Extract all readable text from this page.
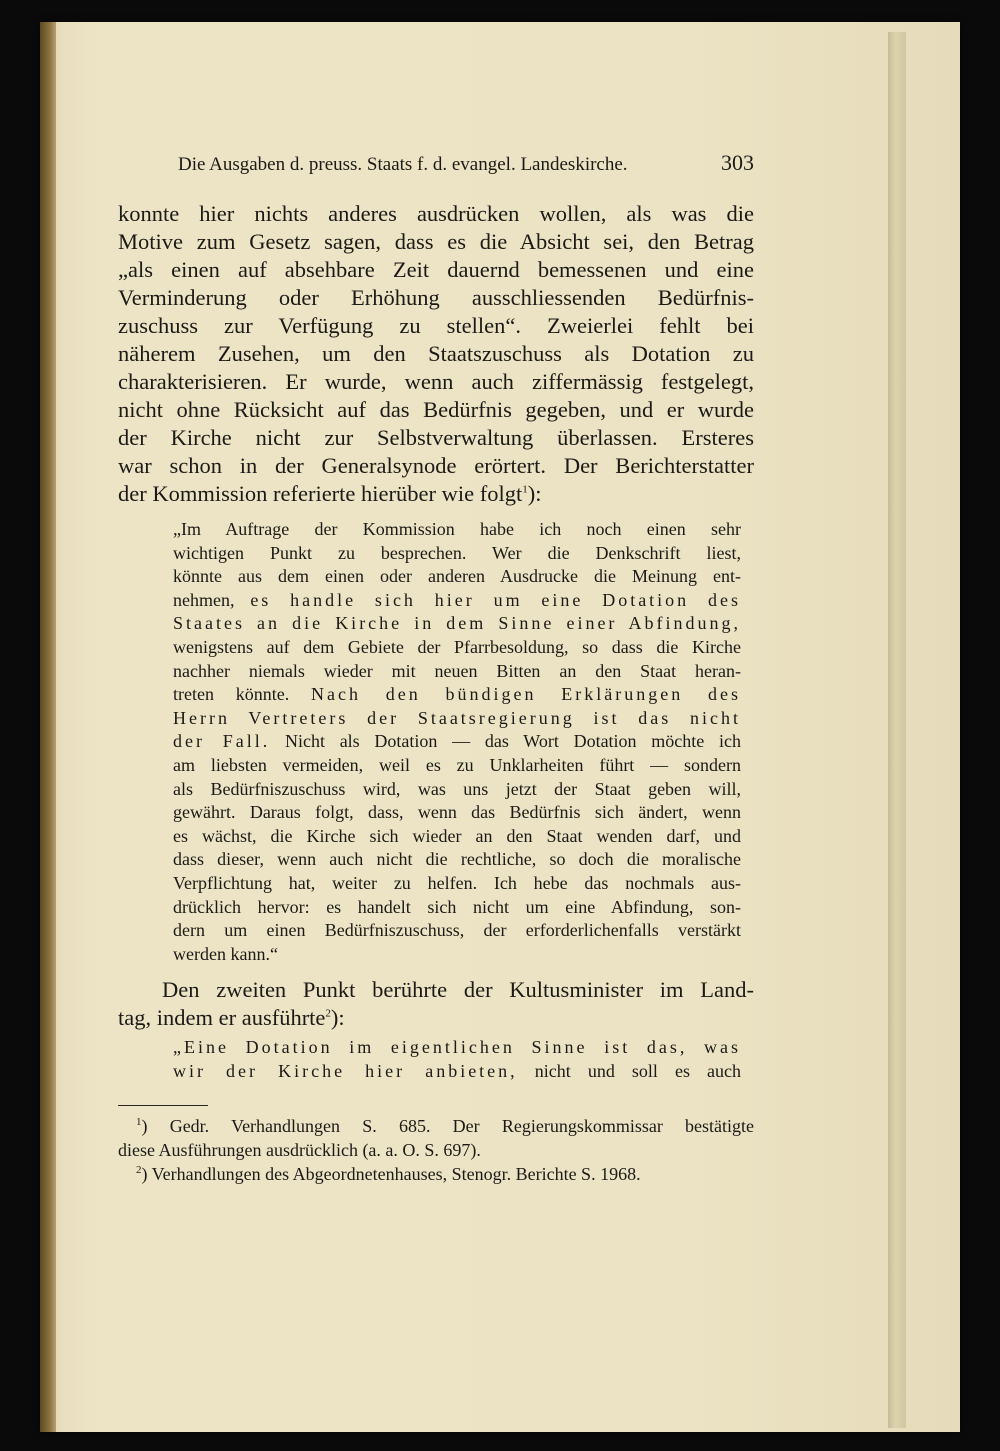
Die Ausgaben d. preuss. Staats f. d. evangel. Landeskirche.	303
konnte hier nichts anderes ausdrücken wollen, als was die
Motive zum Gesetz sagen, dass es die Absicht sei, den Betrag
„als einen auf absehbare Zeit dauernd bemessenen und eine
Verminderung oder Erhöhung ausschliessenden Bedürfnis-
zuschuss zur Verfügung zu stellen“. Zweierlei fehlt bei
näherem Zusehen, um den Staatszuschuss als Dotation zu
charakterisieren. Er wurde, wenn auch ziffermässig festgelegt,
nicht ohne Rücksicht auf das Bedürfnis gegeben, und er wurde
der Kirche nicht zur Selbstverwaltung überlassen. Ersteres
war schon in der Generalsynode erörtert. Der Berichterstatter
der Kommission referierte hierüber wie folgt$^1$):
„Im Auftrage der Kommission habe ich noch einen sehr
wichtigen Punkt zu besprechen. Wer die Denkschrift liest,
könnte aus dem einen oder anderen Ausdrucke die Meinung ent-
nehmen, es handle sich hier um eine Dotation des
Staates an die Kirche in dem Sinne einer Abfindung,
wenigstens auf dem Gebiete der Pfarrbesoldung, so dass die Kirche
nachher niemals wieder mit neuen Bitten an den Staat heran-
treten könnte. Nach den bündigen Erklärungen des
Herrn Vertreters der Staatsregierung ist das nicht
der Fall. Nicht als Dotation — das Wort Dotation möchte ich
am liebsten vermeiden, weil es zu Unklarheiten führt — sondern
als Bedürfniszuschuss wird, was uns jetzt der Staat geben will,
gewährt. Daraus folgt, dass, wenn das Bedürfnis sich ändert, wenn
es wächst, die Kirche sich wieder an den Staat wenden darf, und
dass dieser, wenn auch nicht die rechtliche, so doch die moralische
Verpflichtung hat, weiter zu helfen. Ich hebe das nochmals aus-
drücklich hervor: es handelt sich nicht um eine Abfindung, son-
dern um einen Bedürfniszuschuss, der erforderlichenfalls verstärkt
werden kann.“
Den zweiten Punkt berührte der Kultusminister im Land-
tag, indem er ausführte$^2$):
„Eine Dotation im eigentlichen Sinne ist das, was
wir der Kirche hier anbieten, nicht und soll es auch
$^1$) Gedr. Verhandlungen S. 685. Der Regierungskommissar bestätigte
diese Ausführungen ausdrücklich (a. a. O. S. 697).
$^2$) Verhandlungen des Abgeordnetenhauses, Stenogr. Berichte S. 1968.
